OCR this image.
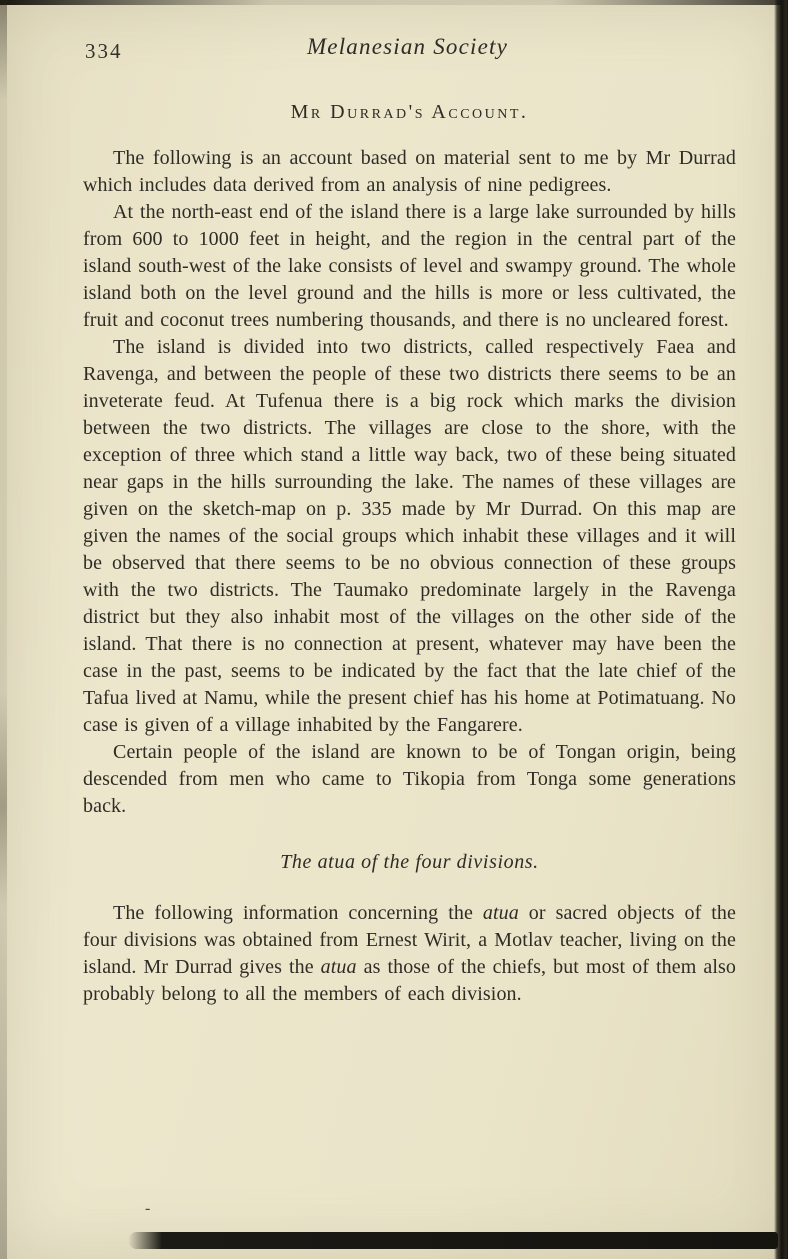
-
334	Melanesian Society
Mr Durrad's Account.

The following is an account based on material sent to me by Mr Durrad which includes data derived from an analysis of nine pedigrees.

At the north-east end of the island there is a large lake surrounded by hills from 600 to 1000 feet in height, and the region in the central part of the island south-west of the lake consists of level and swampy ground. The whole island both on the level ground and the hills is more or less cultivated, the fruit and coconut trees numbering thousands, and there is no uncleared forest.

The island is divided into two districts, called respectively Faea and Ravenga, and between the people of these two districts there seems to be an inveterate feud. At Tufenua there is a big rock which marks the division between the two districts. The villages are close to the shore, with the exception of three which stand a little way back, two of these being situated near gaps in the hills surrounding the lake. The names of these villages are given on the sketch-map on p. 335 made by Mr Durrad. On this map are given the names of the social groups which inhabit these villages and it will be observed that there seems to be no obvious connection of these groups with the two districts. The Taumako predominate largely in the Ravenga district but they also inhabit most of the villages on the other side of the island. That there is no connection at present, whatever may have been the case in the past, seems to be indicated by the fact that the late chief of the Tafua lived at Namu, while the present chief has his home at Potimatuang. No case is given of a village inhabited by the Fangarere.

Certain people of the island are known to be of Tongan origin, being descended from men who came to Tikopia from Tonga some generations back.

The atua of the four divisions.

The following information concerning the atua or sacred objects of the four divisions was obtained from Ernest Wirit, a Motlav teacher, living on the island. Mr Durrad gives the atua as those of the chiefs, but most of them also probably belong to all the members of each division.
